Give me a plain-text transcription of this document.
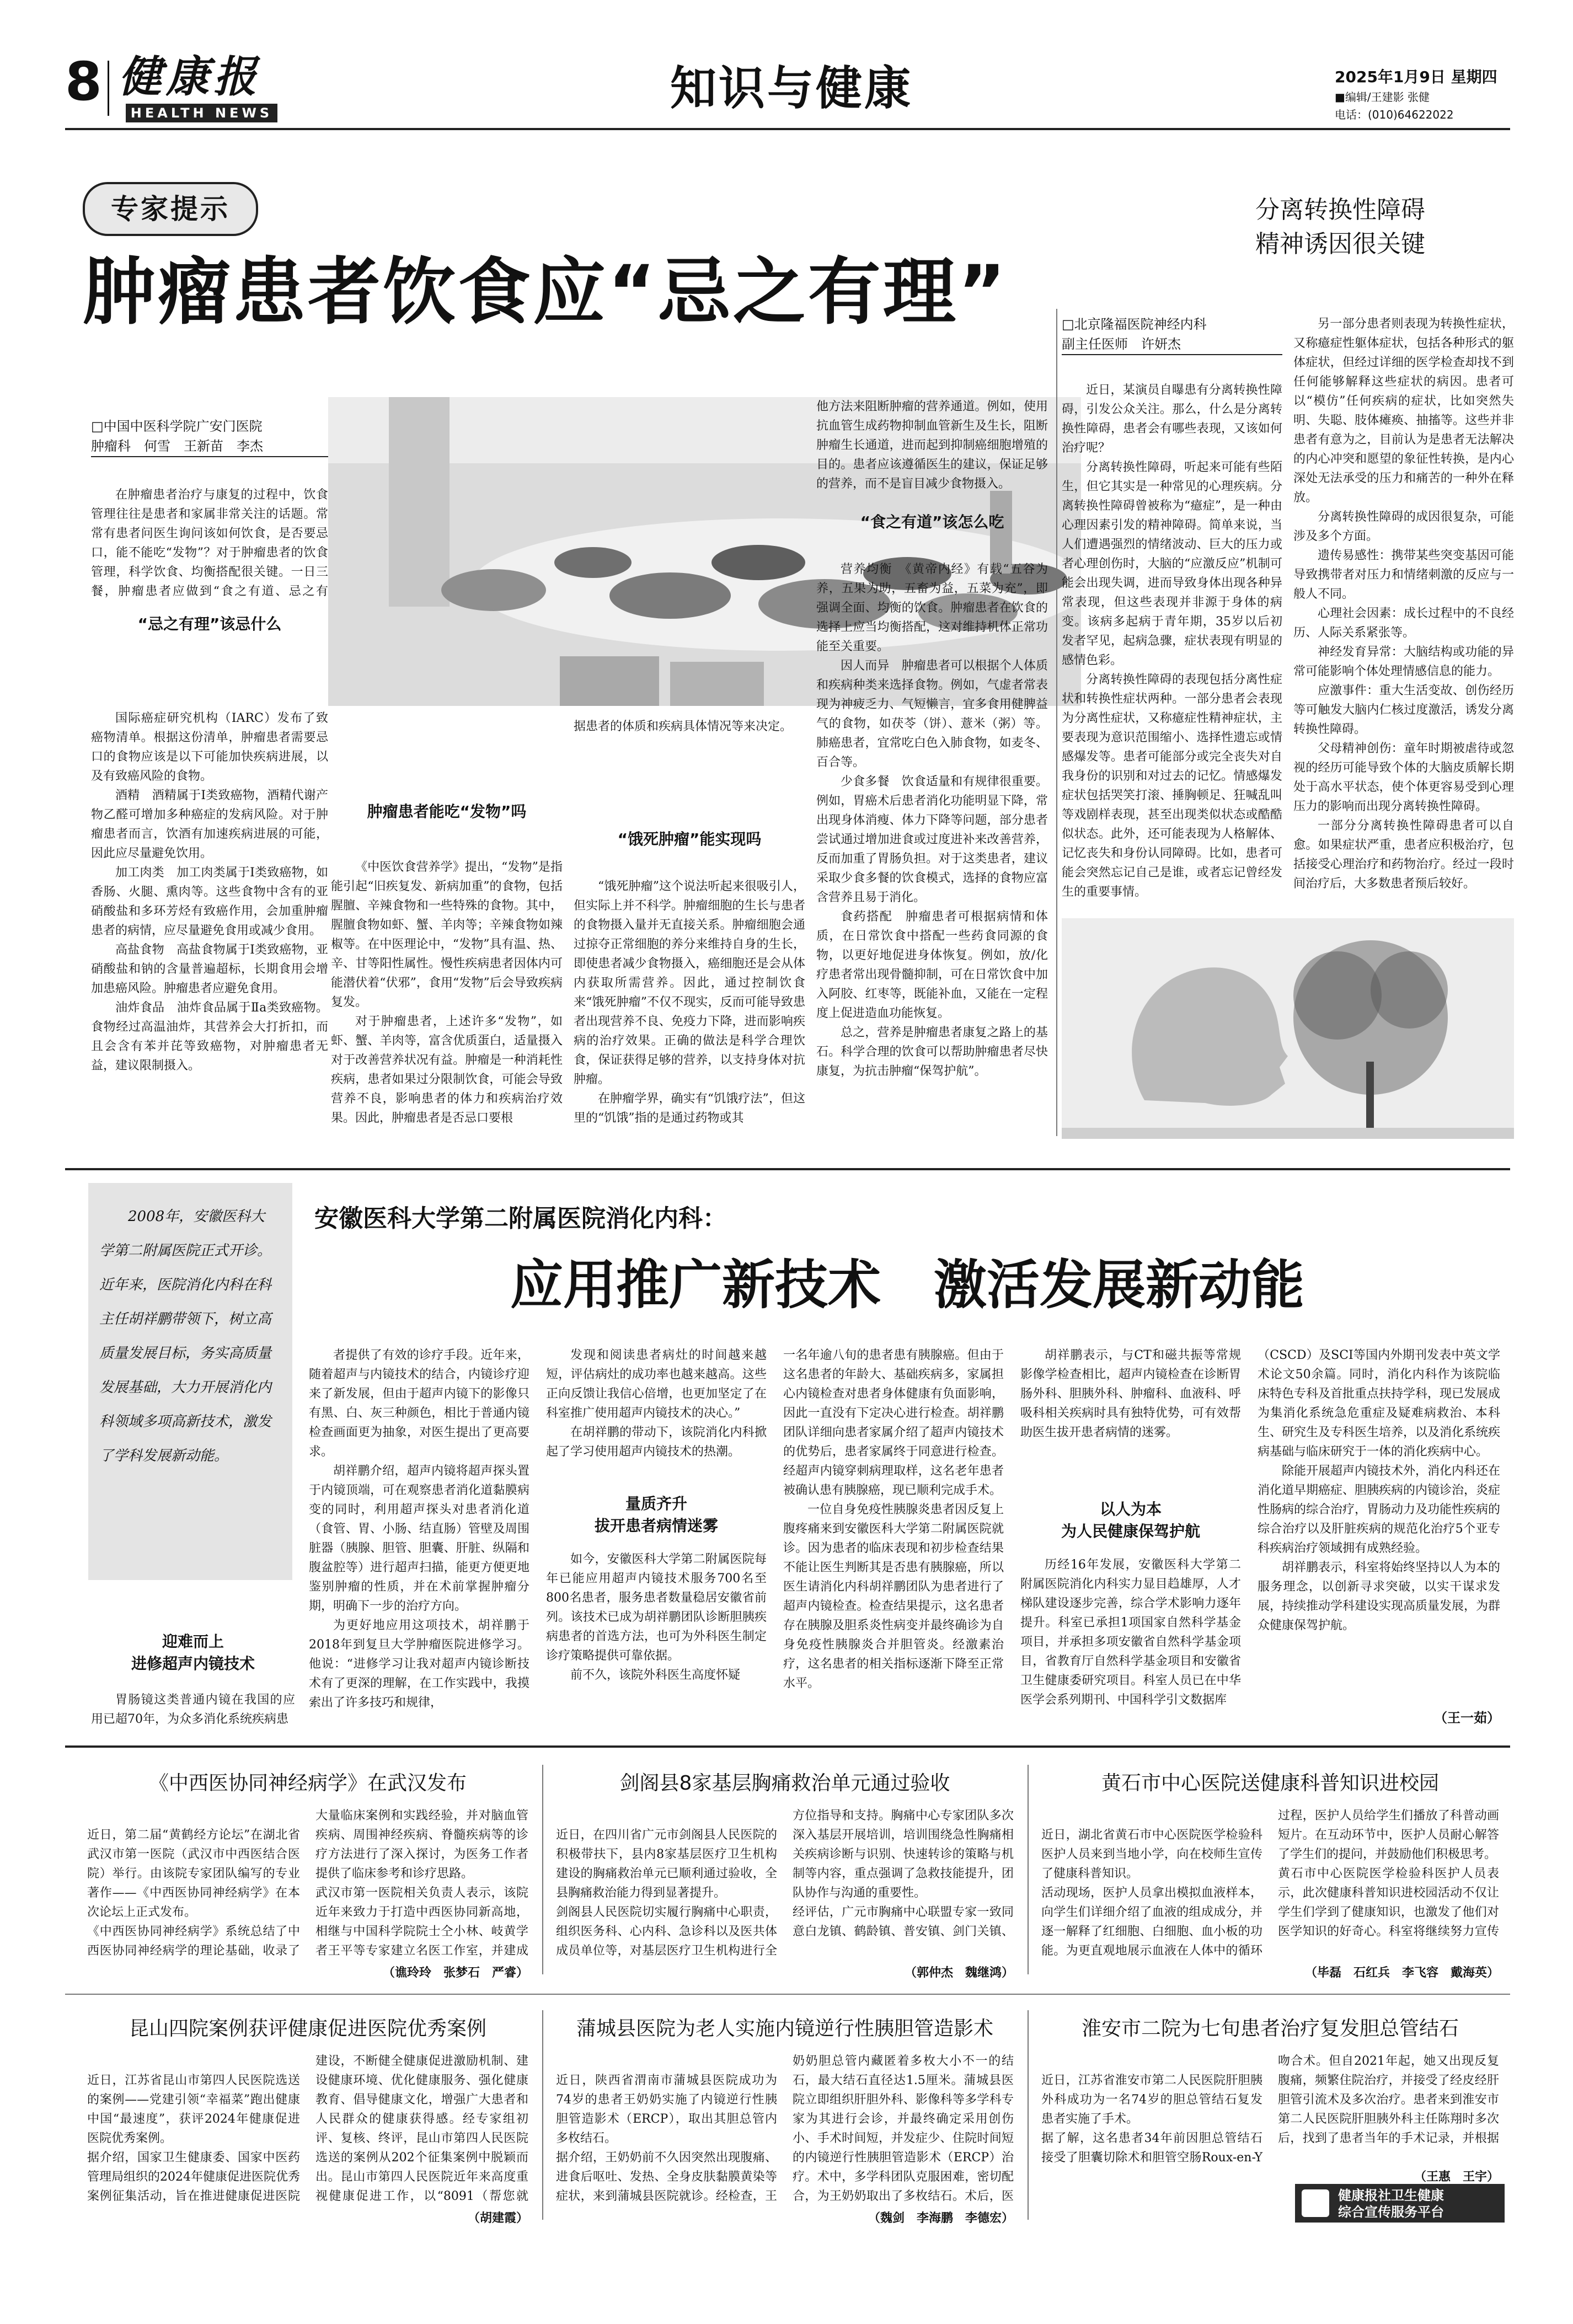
8 健康报
HEALTH NEWS	知识与健康	2025年1月9日 星期四
■编辑/王建影 张健
电话：(010)64622022
专家提示
肿瘤患者饮食应“忌之有理”
□中国中医科学院广安门医院
肿瘤科　何雪　王新苗　李杰

在肿瘤患者治疗与康复的过程中，饮食管理往往是患者和家属非常关注的话题。常常有患者问医生询问该如何饮食，是否要忌口，能不能吃“发物”？对于肿瘤患者的饮食管理，科学饮食、均衡搭配很关键。一日三餐，肿瘤患者应做到“食之有道、忌之有

“忌之有理”该忌什么

国际癌症研究机构（IARC）发布了致癌物清单。根据这份清单，肿瘤患者需要忌口的食物应该是以下可能加快疾病进展，以及有致癌风险的食物。

酒精　酒精属于Ⅰ类致癌物，酒精代谢产物乙醛可增加多种癌症的发病风险。对于肿瘤患者而言，饮酒有加速疾病进展的可能，因此应尽量避免饮用。

加工肉类　加工肉类属于Ⅰ类致癌物，如香肠、火腿、熏肉等。这些食物中含有的亚硝酸盐和多环芳烃有致癌作用，会加重肿瘤患者的病情，应尽量避免食用或减少食用。

高盐食物　高盐食物属于Ⅰ类致癌物，亚硝酸盐和钠的含量普遍超标，长期食用会增加患癌风险。肿瘤患者应避免食用。

油炸食品　油炸食品属于Ⅱa类致癌物。食物经过高温油炸，其营养会大打折扣，而且会含有苯并芘等致癌物，对肿瘤患者无益，建议限制摄入。

肿瘤患者能吃“发物”吗

《中医饮食营养学》提出，“发物”是指能引起“旧疾复发、新病加重”的食物，包括腥膻、辛辣食物和一些特殊的食物。其中，腥膻食物如虾、蟹、羊肉等；辛辣食物如辣椒等。在中医理论中，“发物”具有温、热、辛、甘等阳性属性。慢性疾病患者因体内可能潜伏着“伏邪”，食用“发物”后会导致疾病复发。

对于肿瘤患者，上述许多“发物”，如虾、蟹、羊肉等，富含优质蛋白，适量摄入对于改善营养状况有益。肿瘤是一种消耗性疾病，患者如果过分限制饮食，可能会导致营养不良，影响患者的体力和疾病治疗效果。因此，肿瘤患者是否忌口要根

据患者的体质和疾病具体情况等来决定。

“饿死肿瘤”能实现吗

“饿死肿瘤”这个说法听起来很吸引人，但实际上并不科学。肿瘤细胞的生长与患者的食物摄入量并无直接关系。肿瘤细胞会通过掠夺正常细胞的养分来维持自身的生长，即使患者减少食物摄入，癌细胞还是会从体内获取所需营养。因此，通过控制饮食来“饿死肿瘤”不仅不现实，反而可能导致患者出现营养不良、免疫力下降，进而影响疾病的治疗效果。正确的做法是科学合理饮食，保证获得足够的营养，以支持身体对抗肿瘤。

在肿瘤学界，确实有“饥饿疗法”，但这里的“饥饿”指的是通过药物或其

他方法来阻断肿瘤的营养通道。例如，使用抗血管生成药物抑制血管新生及生长，阻断肿瘤生长通道，进而起到抑制癌细胞增殖的目的。患者应该遵循医生的建议，保证足够的营养，而不是盲目减少食物摄入。

“食之有道”该怎么吃

营养均衡　《黄帝内经》有载“五谷为养，五果为助，五畜为益，五菜为充”，即强调全面、均衡的饮食。肿瘤患者在饮食的选择上应当均衡搭配，这对维持机体正常功能至关重要。

因人而异　肿瘤患者可以根据个人体质和疾病种类来选择食物。例如，气虚者常表现为神疲乏力、气短懒言，宜多食用健脾益气的食物，如茯苓（饼）、薏米（粥）等。肺癌患者，宜常吃白色入肺食物，如麦冬、百合等。

少食多餐　饮食适量和有规律很重要。例如，胃癌术后患者消化功能明显下降，常出现身体消瘦、体力下降等问题，部分患者尝试通过增加进食或过度进补来改善营养，反而加重了胃肠负担。对于这类患者，建议采取少食多餐的饮食模式，选择的食物应富含营养且易于消化。

食药搭配　肿瘤患者可根据病情和体质，在日常饮食中搭配一些药食同源的食物，以更好地促进身体恢复。例如，放/化疗患者常出现骨髓抑制，可在日常饮食中加入阿胶、红枣等，既能补血，又能在一定程度上促进造血功能恢复。

总之，营养是肿瘤患者康复之路上的基石。科学合理的饮食可以帮助肿瘤患者尽快康复，为抗击肿瘤“保驾护航”。

分离转换性障碍
精神诱因很关键
□北京隆福医院神经内科
副主任医师　许妍杰

近日，某演员自曝患有分离转换性障碍，引发公众关注。那么，什么是分离转换性障碍，患者会有哪些表现，又该如何治疗呢？

分离转换性障碍，听起来可能有些陌生，但它其实是一种常见的心理疾病。分离转换性障碍曾被称为“癔症”，是一种由心理因素引发的精神障碍。简单来说，当人们遭遇强烈的情绪波动、巨大的压力或者心理创伤时，大脑的“应激反应”机制可能会出现失调，进而导致身体出现各种异常表现，但这些表现并非源于身体的病变。该病多起病于青年期，35岁以后初发者罕见，起病急骤，症状表现有明显的感情色彩。

分离转换性障碍的表现包括分离性症状和转换性症状两种。一部分患者会表现为分离性症状，又称癔症性精神症状，主要表现为意识范围缩小、选择性遗忘或情感爆发等。患者可能部分或完全丧失对自我身份的识别和对过去的记忆。情感爆发症状包括哭笑打滚、捶胸顿足、狂喊乱叫等戏剧样表现，甚至出现类似状态或酷酷似状态。此外，还可能表现为人格解体、记忆丧失和身份认同障碍。比如，患者可能会突然忘记自己是谁，或者忘记曾经发生的重要事情。

另一部分患者则表现为转换性症状，又称癔症性躯体症状，包括各种形式的躯体症状，但经过详细的医学检查却找不到任何能够解释这些症状的病因。患者可以“模仿”任何疾病的症状，比如突然失明、失聪、肢体瘫痪、抽搐等。这些并非患者有意为之，目前认为是患者无法解决的内心冲突和愿望的象征性转换，是内心深处无法承受的压力和痛苦的一种外在释放。

分离转换性障碍的成因很复杂，可能涉及多个方面。

遗传易感性：携带某些突变基因可能导致携带者对压力和情绪刺激的反应与一般人不同。

心理社会因素：成长过程中的不良经历、人际关系紧张等。

神经发育异常：大脑结构或功能的异常可能影响个体处理情感信息的能力。

应激事件：重大生活变故、创伤经历等可触发大脑内仁核过度激活，诱发分离转换性障碍。

父母精神创伤：童年时期被虐待或忽视的经历可能导致个体的大脑皮质解长期处于高水平状态，使个体更容易受到心理压力的影响而出现分离转换性障碍。

一部分分离转换性障碍患者可以自愈。如果症状严重，患者应积极治疗，包括接受心理治疗和药物治疗。经过一段时间治疗后，大多数患者预后较好。

2008年，安徽医科大学第二附属医院正式开诊。近年来，医院消化内科在科主任胡祥鹏带领下，树立高质量发展目标，务实高质量发展基础，大力开展消化内科领域多项高新技术，激发了学科发展新动能。
安徽医科大学第二附属医院消化内科：
应用推广新技术　激活发展新动能
迎难而上
进修超声内镜技术

胃肠镜这类普通内镜在我国的应用已超70年，为众多消化系统疾病患

者提供了有效的诊疗手段。近年来，随着超声与内镜技术的结合，内镜诊疗迎来了新发展，但由于超声内镜下的影像只有黑、白、灰三种颜色，相比于普通内镜检查画面更为抽象，对医生提出了更高要求。

胡祥鹏介绍，超声内镜将超声探头置于内镜顶端，可在观察患者消化道黏膜病变的同时，利用超声探头对患者消化道（食管、胃、小肠、结直肠）管壁及周围脏器（胰腺、胆管、胆囊、肝脏、纵隔和腹盆腔等）进行超声扫描，能更方便更地鉴别肿瘤的性质，并在术前掌握肿瘤分期，明确下一步的治疗方向。

为更好地应用这项技术，胡祥鹏于2018年到复旦大学肿瘤医院进修学习。他说：“进修学习让我对超声内镜诊断技术有了更深的理解，在工作实践中，我摸索出了许多技巧和规律，

发现和阅读患者病灶的时间越来越短，评估病灶的成功率也越来越高。这些正向反馈让我信心倍增，也更加坚定了在科室推广使用超声内镜技术的决心。”

在胡祥鹏的带动下，该院消化内科掀起了学习使用超声内镜技术的热潮。

量质齐升
拔开患者病情迷雾

如今，安徽医科大学第二附属医院每年已能应用超声内镜技术服务700名至800名患者，服务患者数量稳居安徽省前列。该技术已成为胡祥鹏团队诊断胆胰疾病患者的首选方法，也可为外科医生制定诊疗策略提供可靠依据。

前不久，该院外科医生高度怀疑

一名年逾八旬的患者患有胰腺癌。但由于这名患者的年龄大、基础疾病多，家属担心内镜检查对患者身体健康有负面影响，因此一直没有下定决心进行检查。胡祥鹏团队详细向患者家属介绍了超声内镜技术的优势后，患者家属终于同意进行检查。经超声内镜穿刺病理取样，这名老年患者被确认患有胰腺癌，现已顺利完成手术。

一位自身免疫性胰腺炎患者因反复上腹疼痛来到安徽医科大学第二附属医院就诊。因为患者的临床表现和初步检查结果不能让医生判断其是否患有胰腺癌，所以医生请消化内科胡祥鹏团队为患者进行了超声内镜检查。检查结果提示，这名患者存在胰腺及胆系炎性病变并最终确诊为自身免疫性胰腺炎合并胆管炎。经激素治疗，这名患者的相关指标逐渐下降至正常水平。

胡祥鹏表示，与CT和磁共振等常规影像学检查相比，超声内镜检查在诊断胃肠外科、胆胰外科、肿瘤科、血液科、呼吸科相关疾病时具有独特优势，可有效帮助医生拔开患者病情的迷雾。

以人为本
为人民健康保驾护航

历经16年发展，安徽医科大学第二附属医院消化内科实力显目趋雄厚，人才梯队建设逐步完善，综合学术影响力逐年提升。科室已承担1项国家自然科学基金项目，并承担多项安徽省自然科学基金项目，省教育厅自然科学基金项目和安徽省卫生健康委研究项目。科室人员已在中华医学会系列期刊、中国科学引文数据库

（CSCD）及SCI等国内外期刊发表中英文学术论文50余篇。同时，消化内科作为该院临床特色专科及首批重点扶持学科，现已发展成为集消化系统急危重症及疑难病救治、本科生、研究生及专科医生培养，以及消化系统疾病基础与临床研究于一体的消化疾病中心。

除能开展超声内镜技术外，消化内科还在消化道早期癌症、胆胰疾病的内镜诊治，炎症性肠病的综合治疗，胃肠动力及功能性疾病的综合治疗以及肝脏疾病的规范化治疗5个亚专科疾病治疗领域拥有成熟经验。

胡祥鹏表示，科室将始终坚持以人为本的服务理念，以创新寻求突破，以实干谋求发展，持续推动学科建设实现高质量发展，为群众健康保驾护航。

（王一茹）
《中西医协同神经病学》在武汉发布

近日，第二届“黄鹤经方论坛”在湖北省武汉市第一医院（武汉市中西医结合医院）举行。由该院专家团队编写的专业著作——《中西医协同神经病学》在本次论坛上正式发布。
《中西医协同神经病学》系统总结了中西医协同神经病学的理论基础，收录了大量临床案例和实践经验，并对脑血管疾病、周围神经疾病、脊髓疾病等的诊疗方法进行了深入探讨，为医务工作者提供了临床参考和诊疗思路。
武汉市第一医院相关负责人表示，该院近年来致力于打造中西医协同新高地，相继与中国科学院院士仝小林、岐黄学者王平等专家建立名医工作室，并建成

（谯玲玲　张梦石　严睿）
剑阁县8家基层胸痛救治单元通过验收

近日，在四川省广元市剑阁县人民医院的积极带扶下，县内8家基层医疗卫生机构建设的胸痛救治单元已顺利通过验收，全县胸痛救治能力得到显著提升。
剑阁县人民医院切实履行胸痛中心职责，组织医务科、心内科、急诊科以及医共体成员单位等，对基层医疗卫生机构进行全方位指导和支持。胸痛中心专家团队多次深入基层开展培训，培训围绕急性胸痛相关疾病诊断与识别、快速转诊的策略与机制等内容，重点强调了急救技能提升，团队协作与沟通的重要性。
经评估，广元市胸痛中心联盟专家一致同意白龙镇、鹤龄镇、普安镇、剑门关镇、

（郭仲杰　魏继鸿）
黄石市中心医院送健康科普知识进校园

近日，湖北省黄石市中心医院医学检验科医护人员来到当地小学，向在校师生宣传了健康科普知识。
活动现场，医护人员拿出模拟血液样本，向学生们详细介绍了血液的组成成分，并逐一解释了红细胞、白细胞、血小板的功能。为更直观地展示血液在人体中的循环过程，医护人员给学生们播放了科普动画短片。在互动环节中，医护人员耐心解答了学生们的提问，并鼓励他们积极思考。
黄石市中心医院医学检验科医护人员表示，此次健康科普知识进校园活动不仅让学生们学到了健康知识，也激发了他们对医学知识的好奇心。科室将继续努力宣传

（毕磊　石红兵　李飞容　戴海英）
昆山四院案例获评健康促进医院优秀案例

近日，江苏省昆山市第四人民医院选送的案例——党建引领“幸福菜”跑出健康中国“最速度”，获评2024年健康促进医院优秀案例。
据介绍，国家卫生健康委、国家中医药管理局组织的2024年健康促进医院优秀案例征集活动，旨在推进健康促进医院建设，不断健全健康促进激励机制、建设健康环境、优化健康服务、强化健康教育、倡导健康文化，增强广大患者和人民群众的健康获得感。经专家组初评、复核、终评，昆山市第四人民医院选送的案例从202个征集案例中脱颖而出。昆山市第四人民医院近年来高度重视健康促进工作，以“8091（帮您就

（胡建霞）
蒲城县医院为老人实施内镜逆行性胰胆管造影术

近日，陕西省渭南市蒲城县医院成功为74岁的患者王奶奶实施了内镜逆行性胰胆管造影术（ERCP），取出其胆总管内多枚结石。
据介绍，王奶奶前不久因突然出现腹痛、进食后呕吐、发热、全身皮肤黏膜黄染等症状，来到蒲城县医院就诊。经检查，王奶奶胆总管内藏匿着多枚大小不一的结石，最大结石直径达1.5厘米。蒲城县医院立即组织肝胆外科、影像科等多学科专家为其进行会诊，并最终确定采用创伤小、手术时间短，并发症少、住院时间短的内镜逆行性胰胆管造影术（ERCP）治疗。术中，多学科团队克服困难，密切配合，为王奶奶取出了多枚结石。术后，医

（魏剑　李海鹏　李德宏）
淮安市二院为七旬患者治疗复发胆总管结石

近日，江苏省淮安市第二人民医院肝胆胰外科成功为一名74岁的胆总管结石复发患者实施了手术。
据了解，这名患者34年前因胆总管结石接受了胆囊切除术和胆管空肠Roux-en-Y吻合术。但自2021年起，她又出现反复腹痛，频繁住院治疗，并接受了经皮经肝胆管引流术及多次治疗。患者来到淮安市第二人民医院肝胆胰外科主任陈翔时多次后，找到了患者当年的手术记录，并根据

（王惠　王宇）
健康报社卫生健康
综合宣传服务平台
